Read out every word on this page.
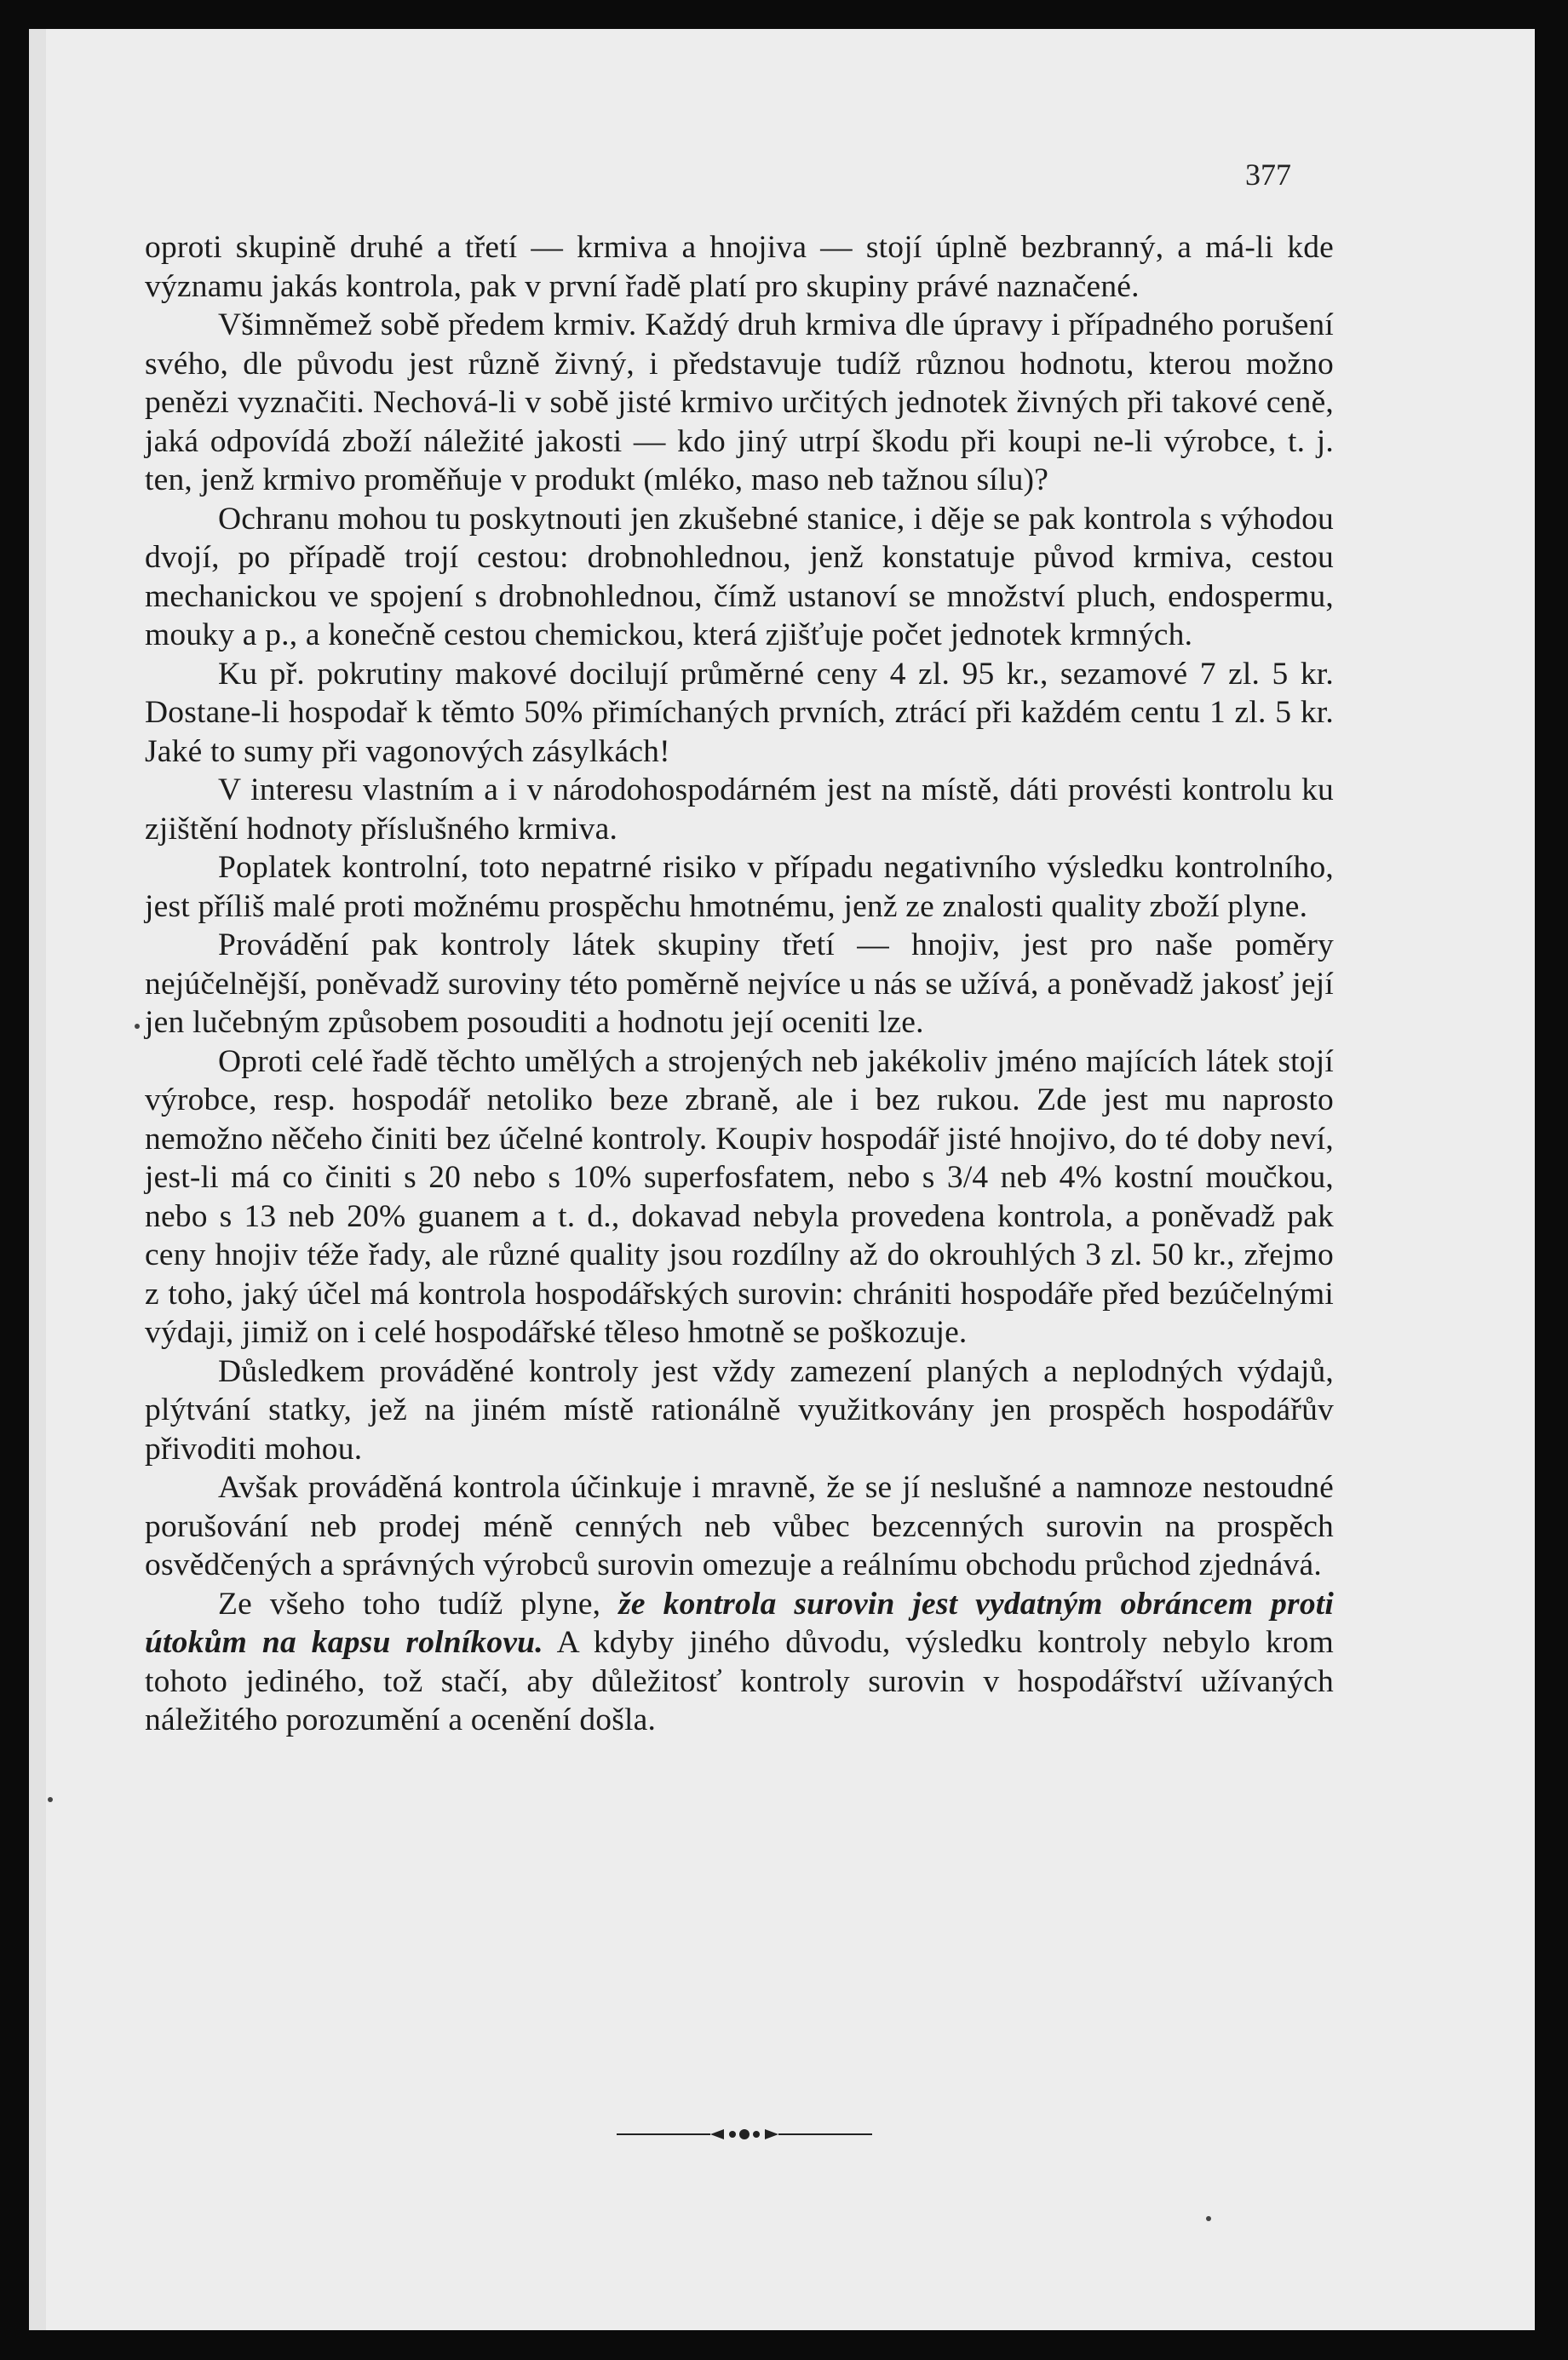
377

oproti skupině druhé a třetí — krmiva a hnojiva — stojí úplně bezbranný, a má-li kde významu jakás kontrola, pak v první řadě platí pro skupiny právé naznačené.

Všimněmež sobě předem krmiv. Každý druh krmiva dle úpravy i případného porušení svého, dle původu jest různě živný, i představuje tudíž různou hodnotu, kterou možno penězi vyznačiti. Nechová-li v sobě jisté krmivo určitých jednotek živných při takové ceně, jaká odpovídá zboží náležité jakosti — kdo jiný utrpí škodu při koupi ne-li výrobce, t. j. ten, jenž krmivo proměňuje v produkt (mléko, maso neb tažnou sílu)?

Ochranu mohou tu poskytnouti jen zkušebné stanice, i děje se pak kontrola s výhodou dvojí, po případě trojí cestou: drobnohlednou, jenž konstatuje původ krmiva, cestou mechanickou ve spojení s drobnohlednou, čímž ustanoví se množství pluch, endospermu, mouky a p., a konečně cestou chemickou, která zjišťuje počet jednotek krmných.

Ku př. pokrutiny makové docilují průměrné ceny 4 zl. 95 kr., sezamové 7 zl. 5 kr. Dostane-li hospodař k těmto 50% přimíchaných prvních, ztrácí při každém centu 1 zl. 5 kr. Jaké to sumy při vagonových zásylkách!

V interesu vlastním a i v národohospodárném jest na místě, dáti provésti kontrolu ku zjištění hodnoty příslušného krmiva.

Poplatek kontrolní, toto nepatrné risiko v případu negativního výsledku kontrolního, jest příliš malé proti možnému prospěchu hmotnému, jenž ze znalosti quality zboží plyne.

Provádění pak kontroly látek skupiny třetí — hnojiv, jest pro naše poměry nejúčelnější, poněvadž suroviny této poměrně nejvíce u nás se užívá, a poněvadž jakosť její jen lučebným způsobem posouditi a hodnotu její oceniti lze.

Oproti celé řadě těchto umělých a strojených neb jakékoliv jméno majících látek stojí výrobce, resp. hospodář netoliko beze zbraně, ale i bez rukou. Zde jest mu naprosto nemožno něčeho činiti bez účelné kontroly. Koupiv hospodář jisté hnojivo, do té doby neví, jest-li má co činiti s 20 nebo s 10% superfosfatem, nebo s 3/4 neb 4% kostní moučkou, nebo s 13 neb 20% guanem a t. d., dokavad nebyla provedena kontrola, a poněvadž pak ceny hnojiv téže řady, ale různé quality jsou rozdílny až do okrouhlých 3 zl. 50 kr., zřejmo z toho, jaký účel má kontrola hospodářských surovin: chrániti hospodáře před bezúčelnými výdaji, jimiž on i celé hospodářské těleso hmotně se poškozuje.

Důsledkem prováděné kontroly jest vždy zamezení planých a neplodných výdajů, plýtvání statky, jež na jiném místě rationálně využitkovány jen prospěch hospodářův přivoditi mohou.

Avšak prováděná kontrola účinkuje i mravně, že se jí neslušné a namnoze nestoudné porušování neb prodej méně cenných neb vůbec bezcenných surovin na prospěch osvědčených a správných výrobců surovin omezuje a reálnímu obchodu průchod zjednává.

Ze všeho toho tudíž plyne, že kontrola surovin jest vydatným obráncem proti útokům na kapsu rolníkovu. A kdyby jiného důvodu, výsledku kontroly nebylo krom tohoto jediného, tož stačí, aby důležitosť kontroly surovin v hospodářství užívaných náležitého porozumění a ocenění došla.
